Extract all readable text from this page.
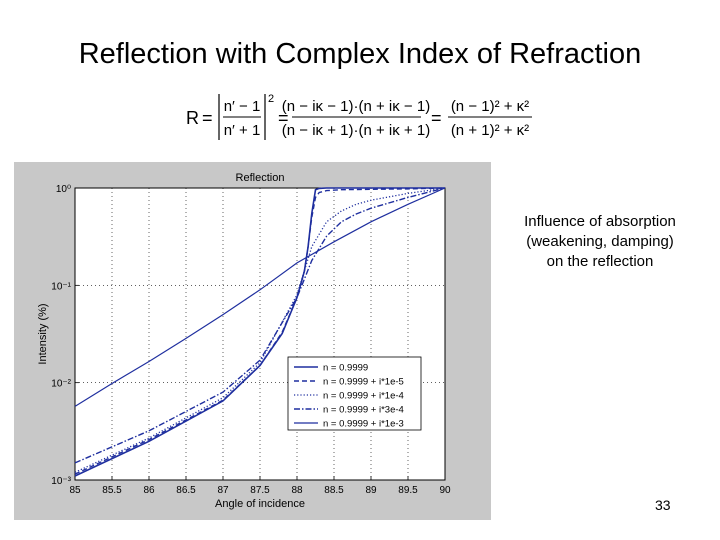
Reflection with Complex Index of Refraction
R =
n′ − 1
n′ + 1
2
=
(n − iκ − 1)·(n + iκ − 1)
(n − iκ + 1)·(n + iκ + 1)
=
(n − 1)² + κ²
(n + 1)² + κ²
85 85.5 86 86.5 87 87.5 88 88.5 89 89.5 90
10⁻³
10⁻²
10⁻¹
10⁰
Reflection
Angle of incidence
Intensity (%)
n = 0.9999
n = 0.9999 + i*1e-5
n = 0.9999 + i*1e-4
n = 0.9999 + i*3e-4
n = 0.9999 + i*1e-3
Influence of absorption
(weakening, damping)
on the reflection
33
